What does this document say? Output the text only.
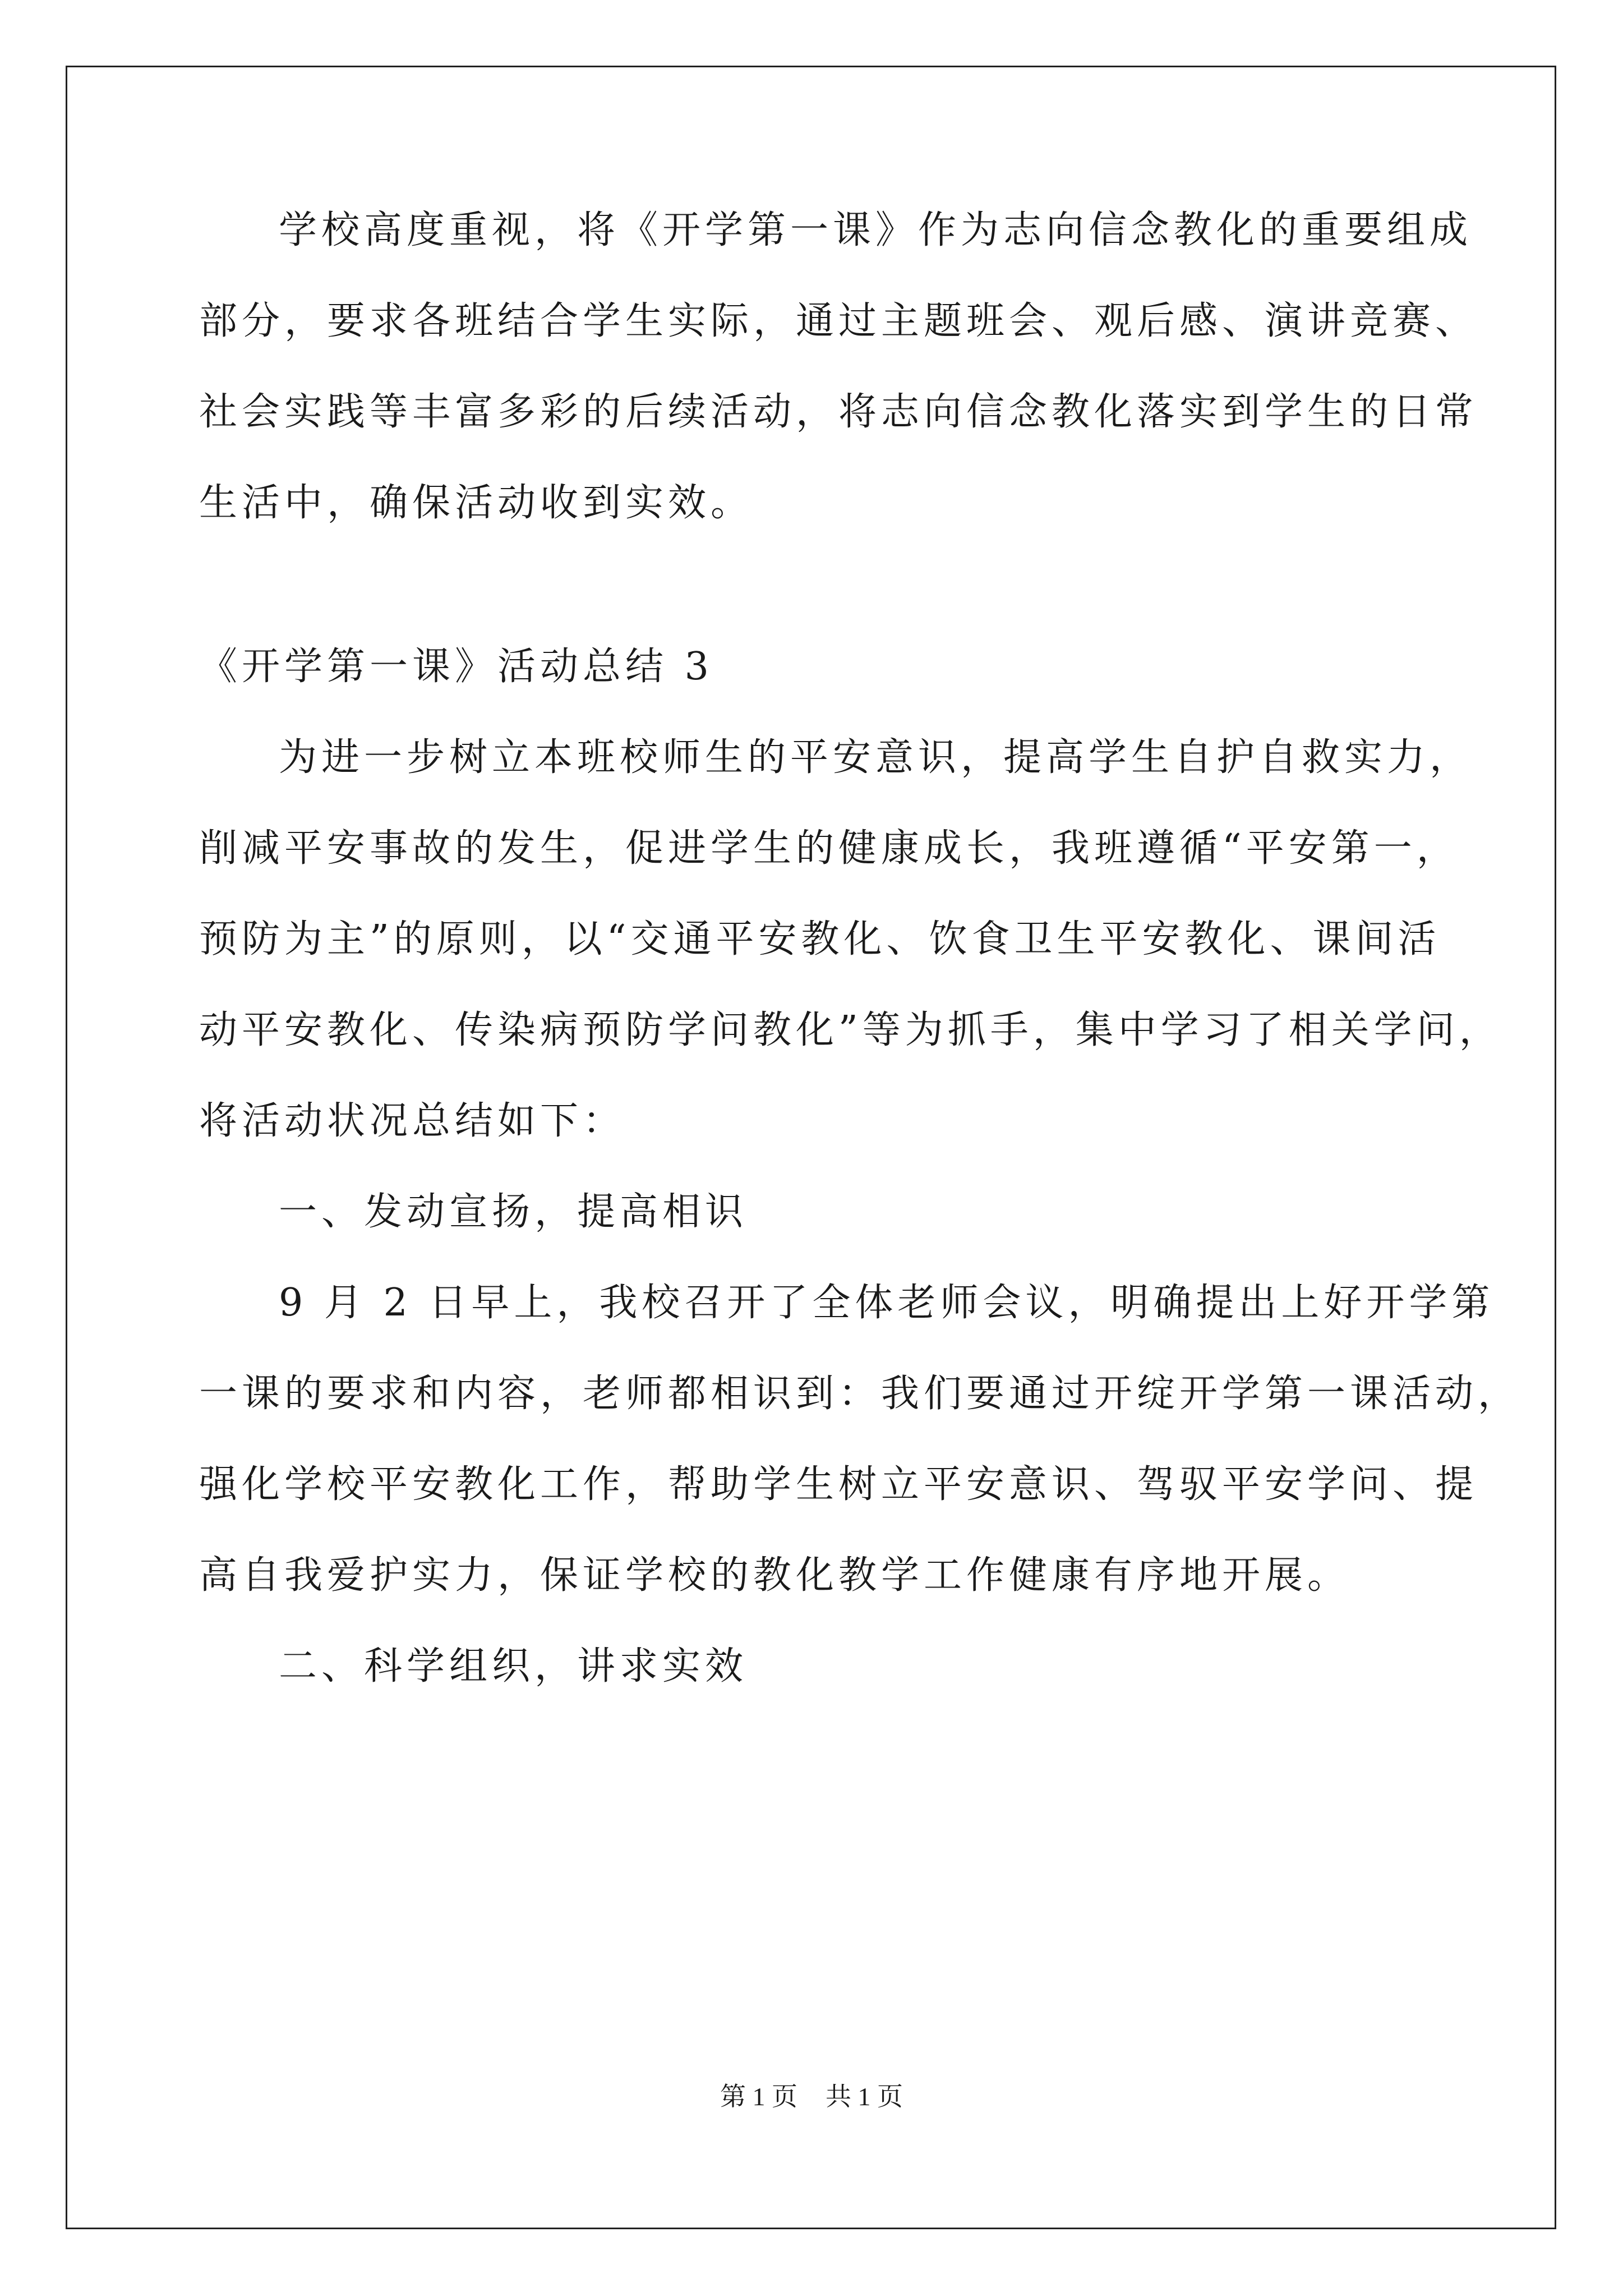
学校高度重视，将《开学第一课》作为志向信念教化的重要组成
部分，要求各班结合学生实际，通过主题班会、观后感、演讲竞赛、
社会实践等丰富多彩的后续活动，将志向信念教化落实到学生的日常
生活中，确保活动收到实效。
《开学第一课》活动总结 3
为进一步树立本班校师生的平安意识，提高学生自护自救实力，
削减平安事故的发生，促进学生的健康成长，我班遵循“平安第一，
预防为主”的原则，以“交通平安教化、饮食卫生平安教化、课间活
动平安教化、传染病预防学问教化”等为抓手，集中学习了相关学问，
将活动状况总结如下：
一、发动宣扬，提高相识
9 月 2 日早上，我校召开了全体老师会议，明确提出上好开学第
一课的要求和内容，老师都相识到：我们要通过开绽开学第一课活动，
强化学校平安教化工作，帮助学生树立平安意识、驾驭平安学问、提
高自我爱护实力，保证学校的教化教学工作健康有序地开展。
二、科学组织，讲求实效
第 1 页 共 1 页
